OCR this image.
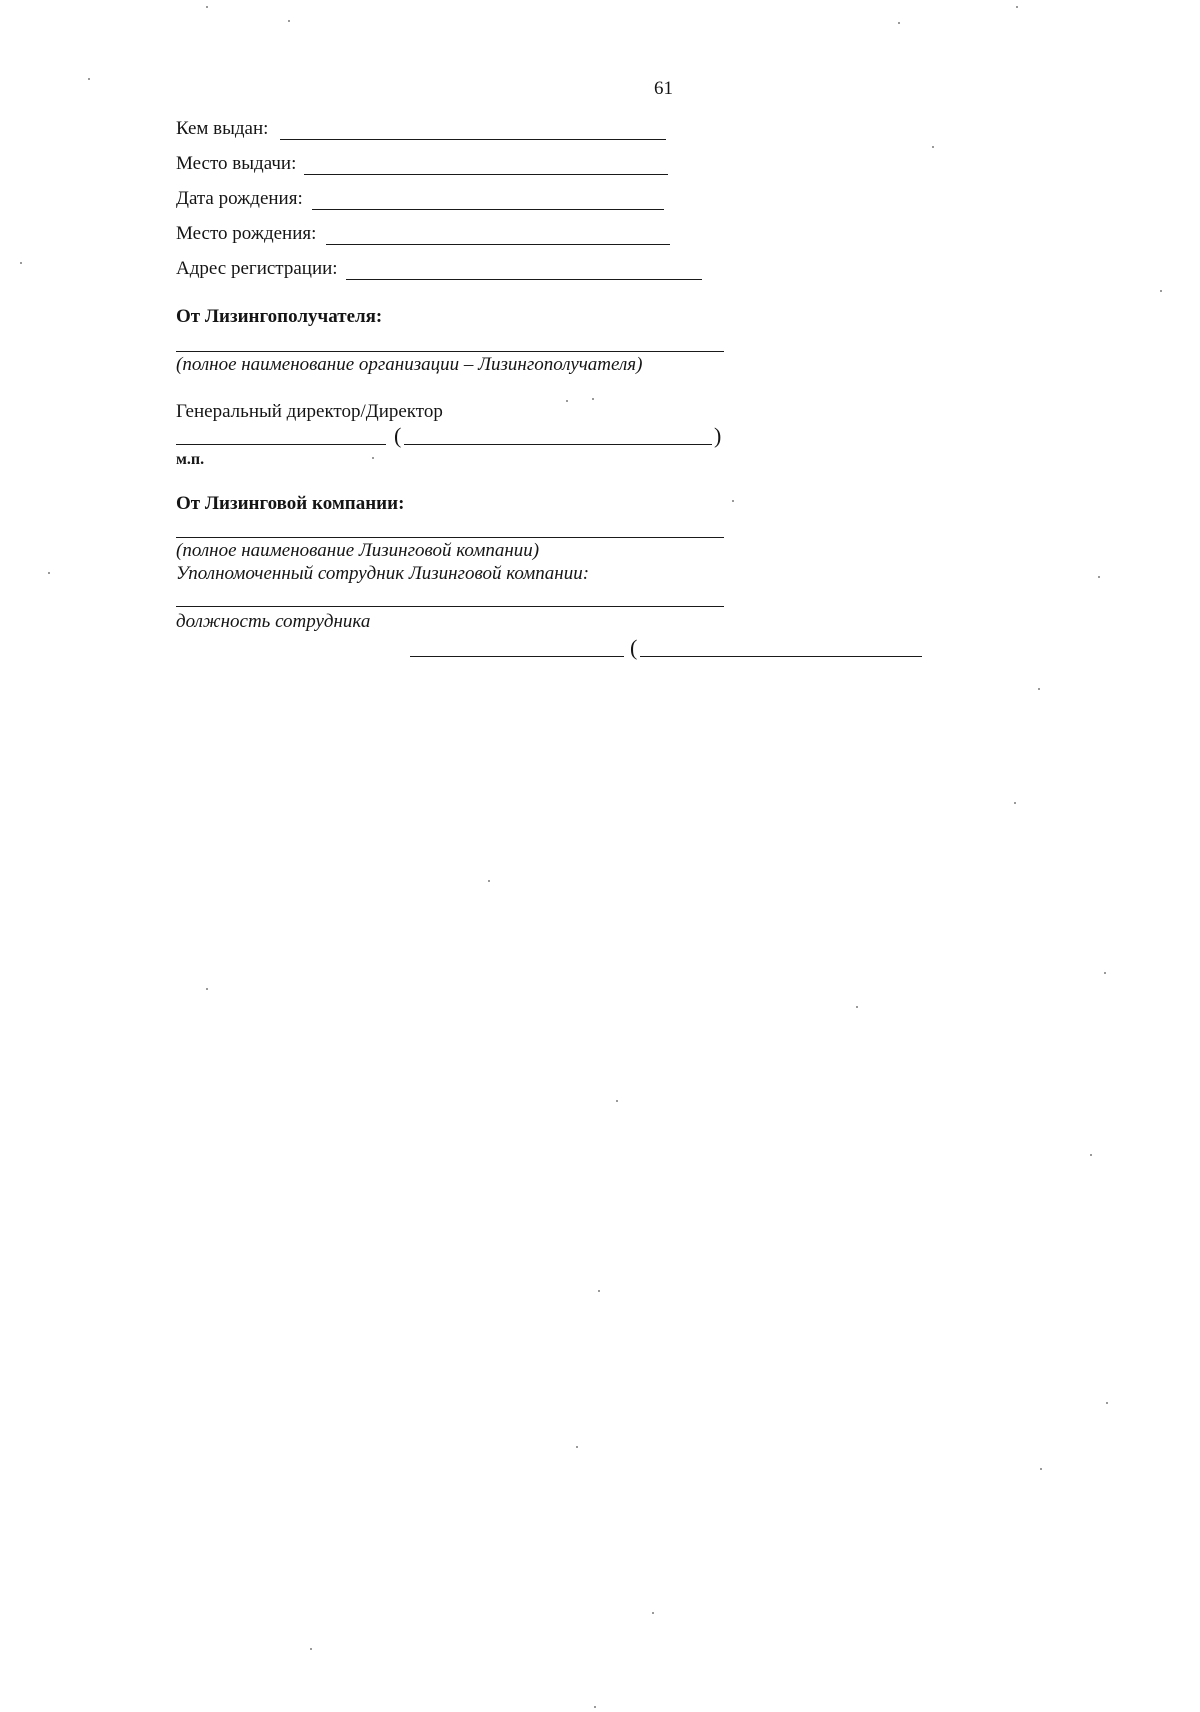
61
Кем выдан:
Место выдачи:
Дата рождения:
Место рождения:
Адрес регистрации:
От Лизингополучателя:
(полное наименование организации – Лизингополучателя)
Генеральный директор/Директор
(	)
м.п.
От Лизинговой компании:
(полное наименование Лизинговой компании)
Уполномоченный сотрудник Лизинговой компании:
должность сотрудника
(
